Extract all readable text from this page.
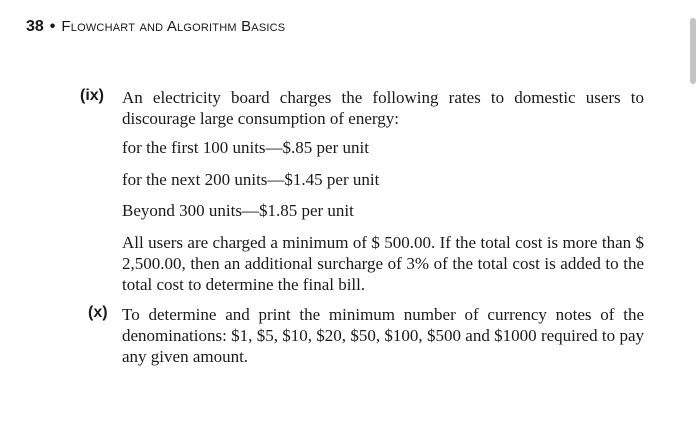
38 • Flowchart and Algorithm Basics
(ix) An electricity board charges the following rates to domestic users to discourage large consumption of energy:
for the first 100 units—$.85 per unit
for the next 200 units—$1.45 per unit
Beyond 300 units—$1.85 per unit
All users are charged a minimum of $ 500.00. If the total cost is more than $ 2,500.00, then an additional surcharge of 3% of the total cost is added to the total cost to determine the final bill.
(x) To determine and print the minimum number of currency notes of the denominations: $1, $5, $10, $20, $50, $100, $500 and $1000 required to pay any given amount.
